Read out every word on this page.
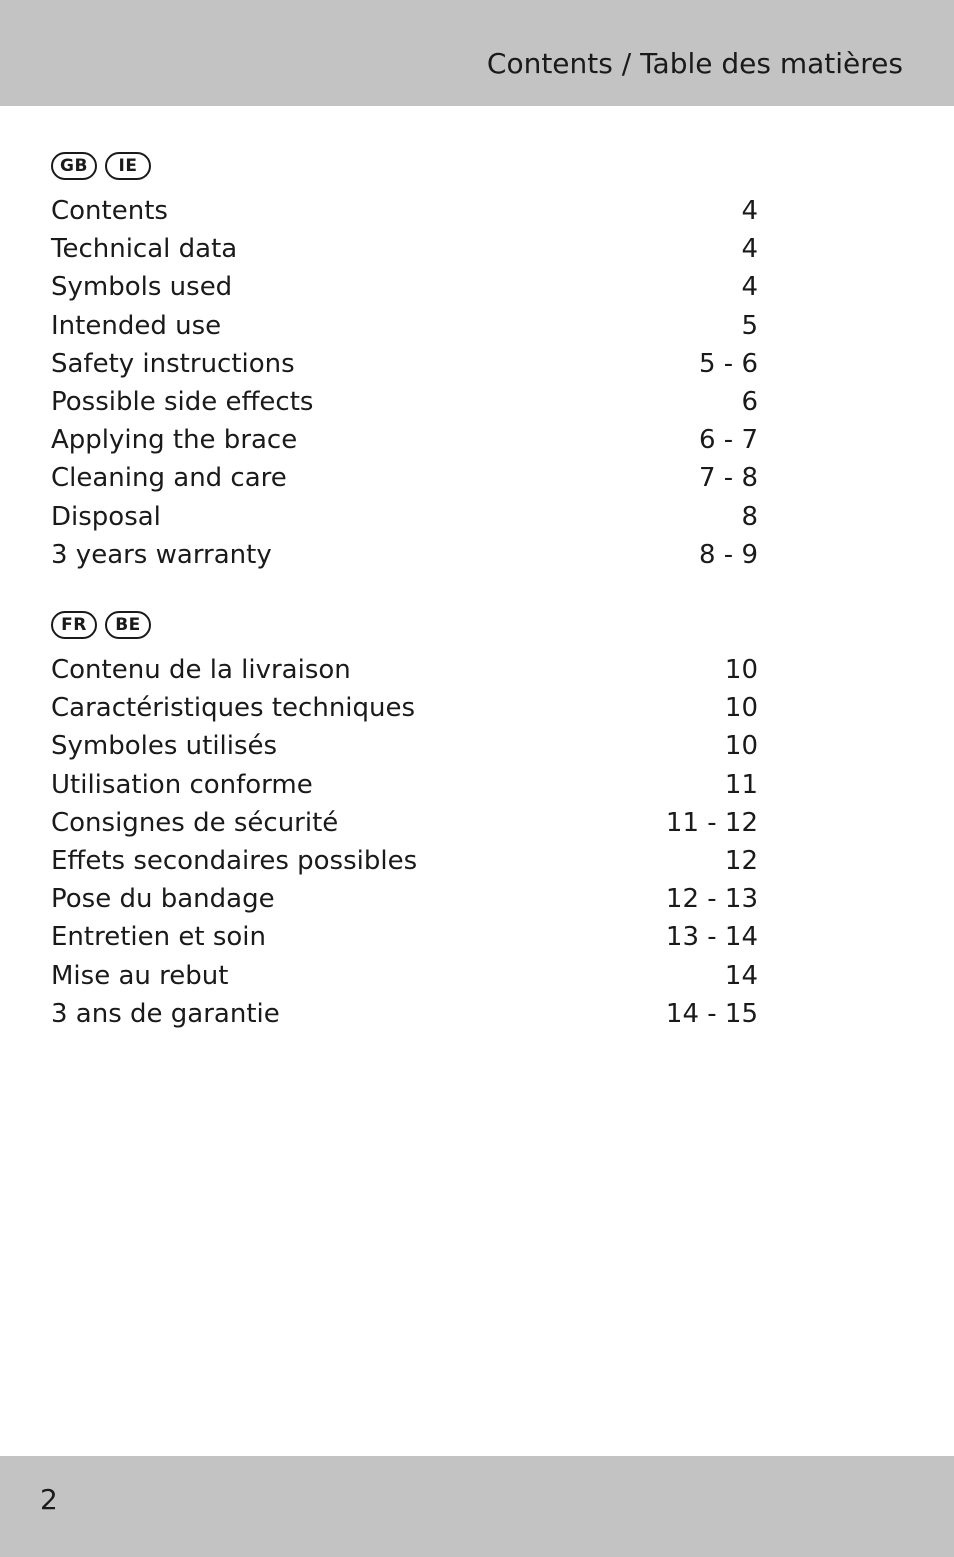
Contents / Table des matières
GB	IE
Contents	4
Technical data	4
Symbols used	4
Intended use	5
Safety instructions	5 - 6
Possible side effects	6
Applying the brace	6 - 7
Cleaning and care	7 - 8
Disposal	8
3 years warranty	8 - 9
FR	BE
Contenu de la livraison	10
Caractéristiques techniques	10
Symboles utilisés	10
Utilisation conforme	11
Consignes de sécurité	11 - 12
Effets secondaires possibles	12
Pose du bandage	12 - 13
Entretien et soin	13 - 14
Mise au rebut	14
3 ans de garantie	14 - 15
2
